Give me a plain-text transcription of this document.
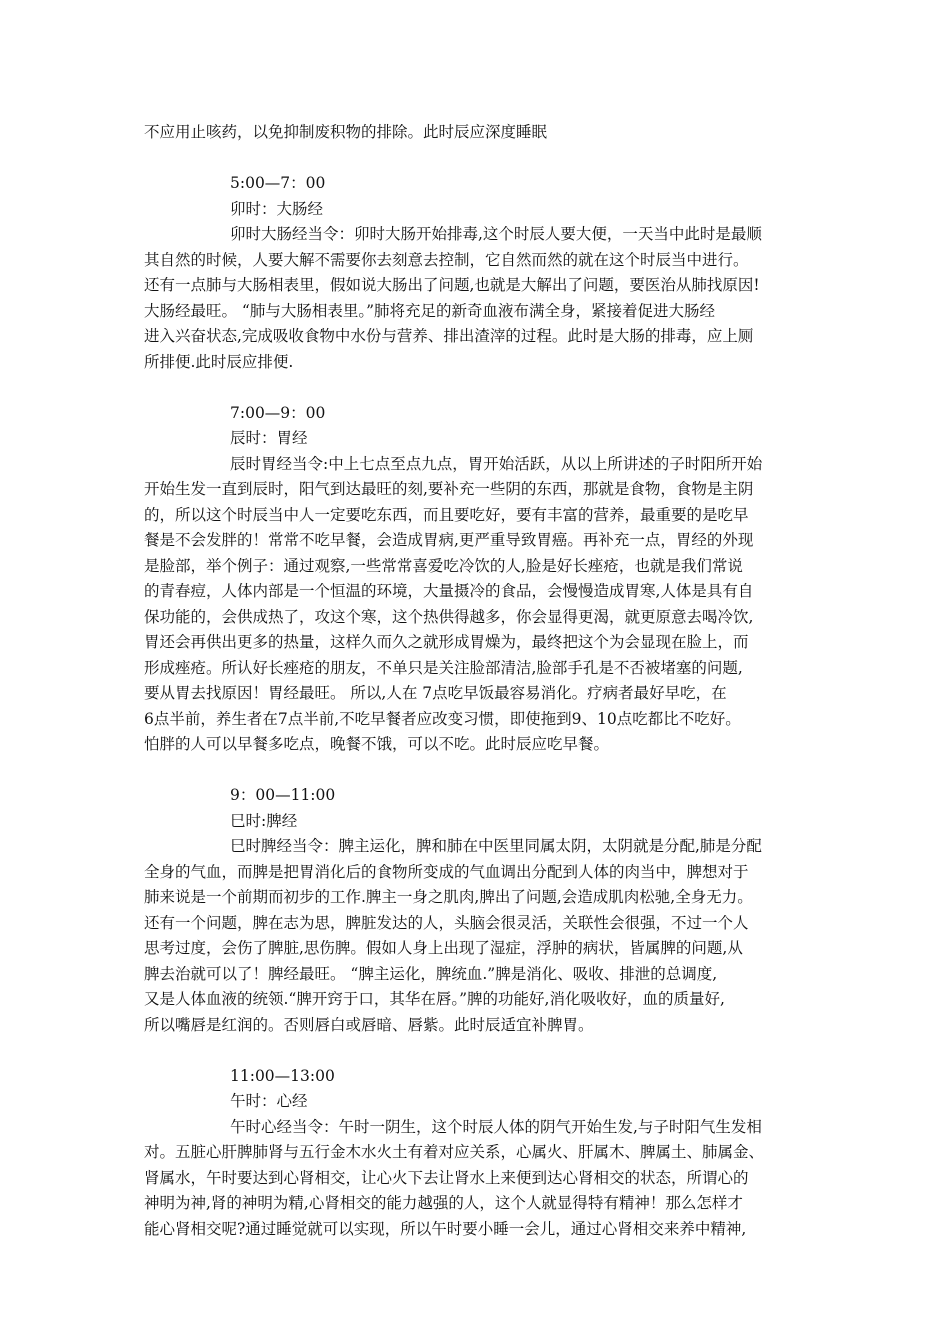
不应用止咳药，以免抑制废积物的排除。此时辰应深度睡眠
5:00—7：00
卯时：大肠经
卯时大肠经当令：卯时大肠开始排毒,这个时辰人要大便，一天当中此时是最顺
其自然的时候，人要大解不需要你去刻意去控制，它自然而然的就在这个时辰当中进行。
还有一点肺与大肠相表里，假如说大肠出了问题,也就是大解出了问题，要医治从肺找原因!
大肠经最旺。 “肺与大肠相表里。”肺将充足的新奇血液布满全身，紧接着促进大肠经
进入兴奋状态,完成吸收食物中水份与营养、排出渣滓的过程。此时是大肠的排毒，应上厕
所排便.此时辰应排便.
7:00—9：00
辰时：胃经
辰时胃经当令:中上七点至点九点，胃开始活跃，从以上所讲述的子时阳所开始
开始生发一直到辰时，阳气到达最旺的刻,要补充一些阴的东西，那就是食物，食物是主阴
的，所以这个时辰当中人一定要吃东西，而且要吃好，要有丰富的营养，最重要的是吃早
餐是不会发胖的！常常不吃早餐，会造成胃病,更严重导致胃癌。再补充一点，胃经的外现
是脸部，举个例子：通过观察,一些常常喜爱吃冷饮的人,脸是好长痤疮，也就是我们常说
的青春痘，人体内部是一个恒温的环境，大量摄冷的食品，会慢慢造成胃寒,人体是具有自
保功能的，会供成热了，攻这个寒，这个热供得越多，你会显得更渴，就更原意去喝冷饮,
胃还会再供出更多的热量，这样久而久之就形成胃燥为，最终把这个为会显现在脸上，而
形成痤疮。所认好长痤疮的朋友，不单只是关注脸部清洁,脸部手孔是不否被堵塞的问题,
要从胃去找原因！胃经最旺。 所以,人在 7点吃早饭最容易消化。疗病者最好早吃，在
6点半前，养生者在7点半前,不吃早餐者应改变习惯，即使拖到9、10点吃都比不吃好。
怕胖的人可以早餐多吃点，晚餐不饿，可以不吃。此时辰应吃早餐。
9：00—11:00
巳时:脾经
巳时脾经当令：脾主运化，脾和肺在中医里同属太阴，太阴就是分配,肺是分配
全身的气血，而脾是把胃消化后的食物所变成的气血调出分配到人体的肉当中，脾想对于
肺来说是一个前期而初步的工作.脾主一身之肌肉,脾出了问题,会造成肌肉松驰,全身无力。
还有一个问题，脾在志为思，脾脏发达的人，头脑会很灵活，关联性会很强，不过一个人
思考过度，会伤了脾脏,思伤脾。假如人身上出现了湿症，浮肿的病状，皆属脾的问题,从
脾去治就可以了！脾经最旺。 “脾主运化，脾统血.”脾是消化、吸收、排泄的总调度,
又是人体血液的统领.“脾开窍于口，其华在唇。”脾的功能好,消化吸收好，血的质量好,
所以嘴唇是红润的。否则唇白或唇暗、唇紫。此时辰适宜补脾胃。
11:00—13:00
午时：心经
午时心经当令：午时一阴生，这个时辰人体的阴气开始生发,与子时阳气生发相
对。五脏心肝脾肺肾与五行金木水火土有着对应关系，心属火、肝属木、脾属土、肺属金、
肾属水，午时要达到心肾相交，让心火下去让肾水上来便到达心肾相交的状态，所谓心的
神明为神,肾的神明为精,心肾相交的能力越强的人，这个人就显得特有精神！那么怎样才
能心肾相交呢?通过睡觉就可以实现，所以午时要小睡一会儿，通过心肾相交来养中精神,
